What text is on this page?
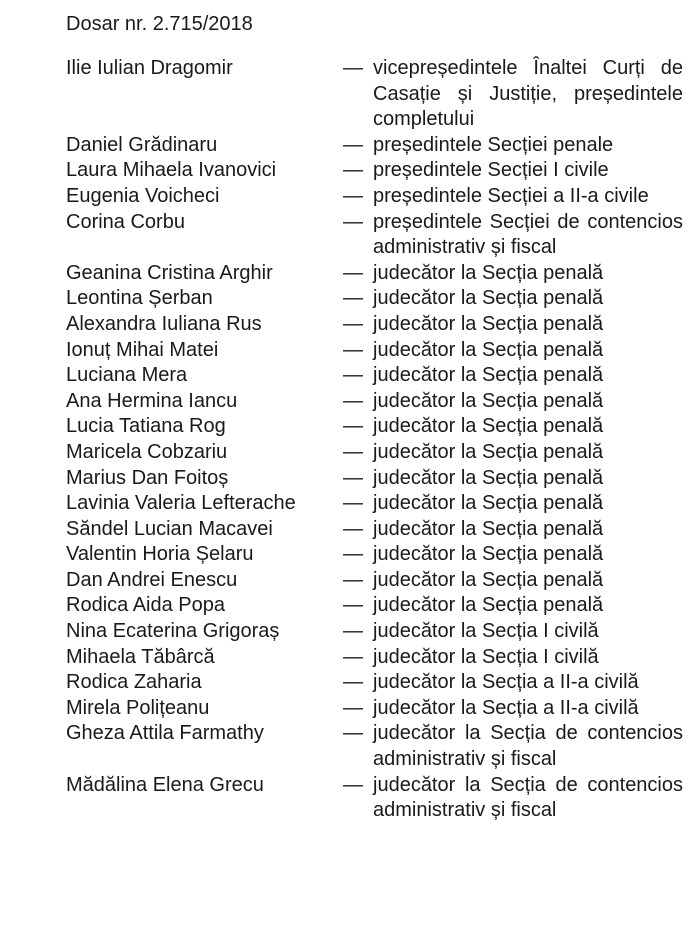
Dosar nr. 2.715/2018
Ilie Iulian Dragomir	— vicepreședintele Înaltei Curți de Casație și Justiție, președintele completului
Daniel Grădinaru	— președintele Secției penale
Laura Mihaela Ivanovici	— președintele Secției I civile
Eugenia Voicheci	— președintele Secției a II-a civile
Corina Corbu	— președintele Secției de contencios administrativ și fiscal
Geanina Cristina Arghir	— judecător la Secția penală
Leontina Șerban	— judecător la Secția penală
Alexandra Iuliana Rus	— judecător la Secția penală
Ionuț Mihai Matei	— judecător la Secția penală
Luciana Mera	— judecător la Secția penală
Ana Hermina Iancu	— judecător la Secția penală
Lucia Tatiana Rog	— judecător la Secția penală
Maricela Cobzariu	— judecător la Secția penală
Marius Dan Foitoș	— judecător la Secția penală
Lavinia Valeria Lefterache	— judecător la Secția penală
Săndel Lucian Macavei	— judecător la Secția penală
Valentin Horia Șelaru	— judecător la Secția penală
Dan Andrei Enescu	— judecător la Secția penală
Rodica Aida Popa	— judecător la Secția penală
Nina Ecaterina Grigoraș	— judecător la Secția I civilă
Mihaela Tăbârcă	— judecător la Secția I civilă
Rodica Zaharia	— judecător la Secția a II-a civilă
Mirela Polițeanu	— judecător la Secția a II-a civilă
Gheza Attila Farmathy	— judecător la Secția de contencios administrativ și fiscal
Mădălina Elena Grecu	— judecător la Secția de contencios administrativ și fiscal
